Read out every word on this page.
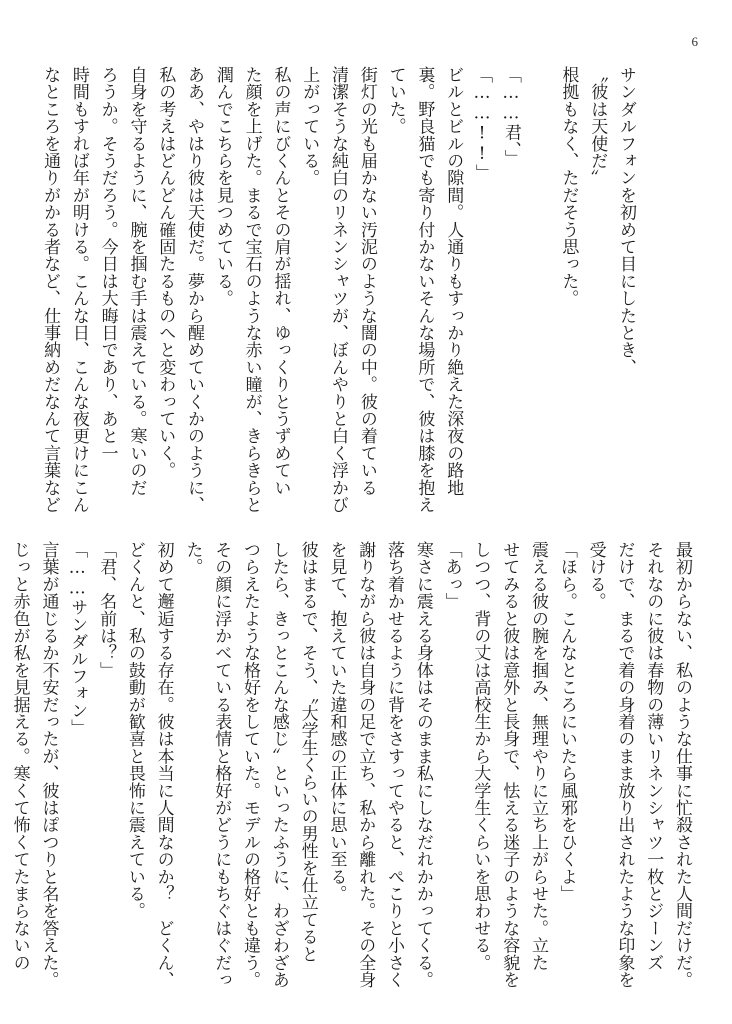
6
サンダルフォンを初めて目にしたとき、
〝彼は天使だ〟
根拠もなく、ただそう思った。
「……君、」
「……!!」
ビルとビルの隙間。人通りもすっかり絶えた深夜の路地
裏。野良猫でも寄り付かないそんな場所で、彼は膝を抱え
ていた。
街灯の光も届かない汚泥のような闇の中。彼の着ている
清潔そうな純白のリネンシャツが、ぼんやりと白く浮かび
上がっている。
私の声にびくんとその肩が揺れ、ゆっくりとうずめてい
た顔を上げた。まるで宝石のような赤い瞳が、きらきらと
潤んでこちらを見つめている。
ああ、やはり彼は天使だ。夢から醒めていくかのように、
私の考えはどんどん確固たるものへと変わっていく。
自身を守るように、腕を掴む手は震えている。寒いのだ
ろうか。そうだろう。今日は大晦日であり、あと一
時間もすれば年が明ける。こんな日、こんな夜更けにこん
なところを通りがかる者など、仕事納めだなんて言葉など
最初からない、私のような仕事に忙殺された人間だけだ。
それなのに彼は春物の薄いリネンシャツ一枚とジーンズ
だけで、まるで着の身着のまま放り出されたような印象を
受ける。
「ほら。こんなところにいたら風邪をひくよ」
震える彼の腕を掴み、無理やりに立ち上がらせた。立た
せてみると彼は意外と長身で、怯える迷子のような容貌を
しつつ、背の丈は高校生から大学生くらいを思わせる。
「あっ」
寒さに震える身体はそのまま私にしなだれかかってくる。
落ち着かせるように背をさすってやると、ぺこりと小さく
謝りながら彼は自身の足で立ち、私から離れた。その全身
を見て、抱えていた違和感の正体に思い至る。
彼はまるで、そう、〝大学生くらいの男性を仕立てると
したら、きっとこんな感じ〟といったふうに、わざわざあ
つらえたような格好をしていた。モデルの格好とも違う。
その顔に浮かべている表情と格好がどうにもちぐはぐだっ
た。
初めて邂逅する存在。彼は本当に人間なのか？　どくん、
どくんと、私の鼓動が歓喜と畏怖に震えている。
「君、名前は？」
「……サンダルフォン」
言葉が通じるか不安だったが、彼はぽつりと名を答えた。
じっと赤色が私を見据える。寒くて怖くてたまらないの
